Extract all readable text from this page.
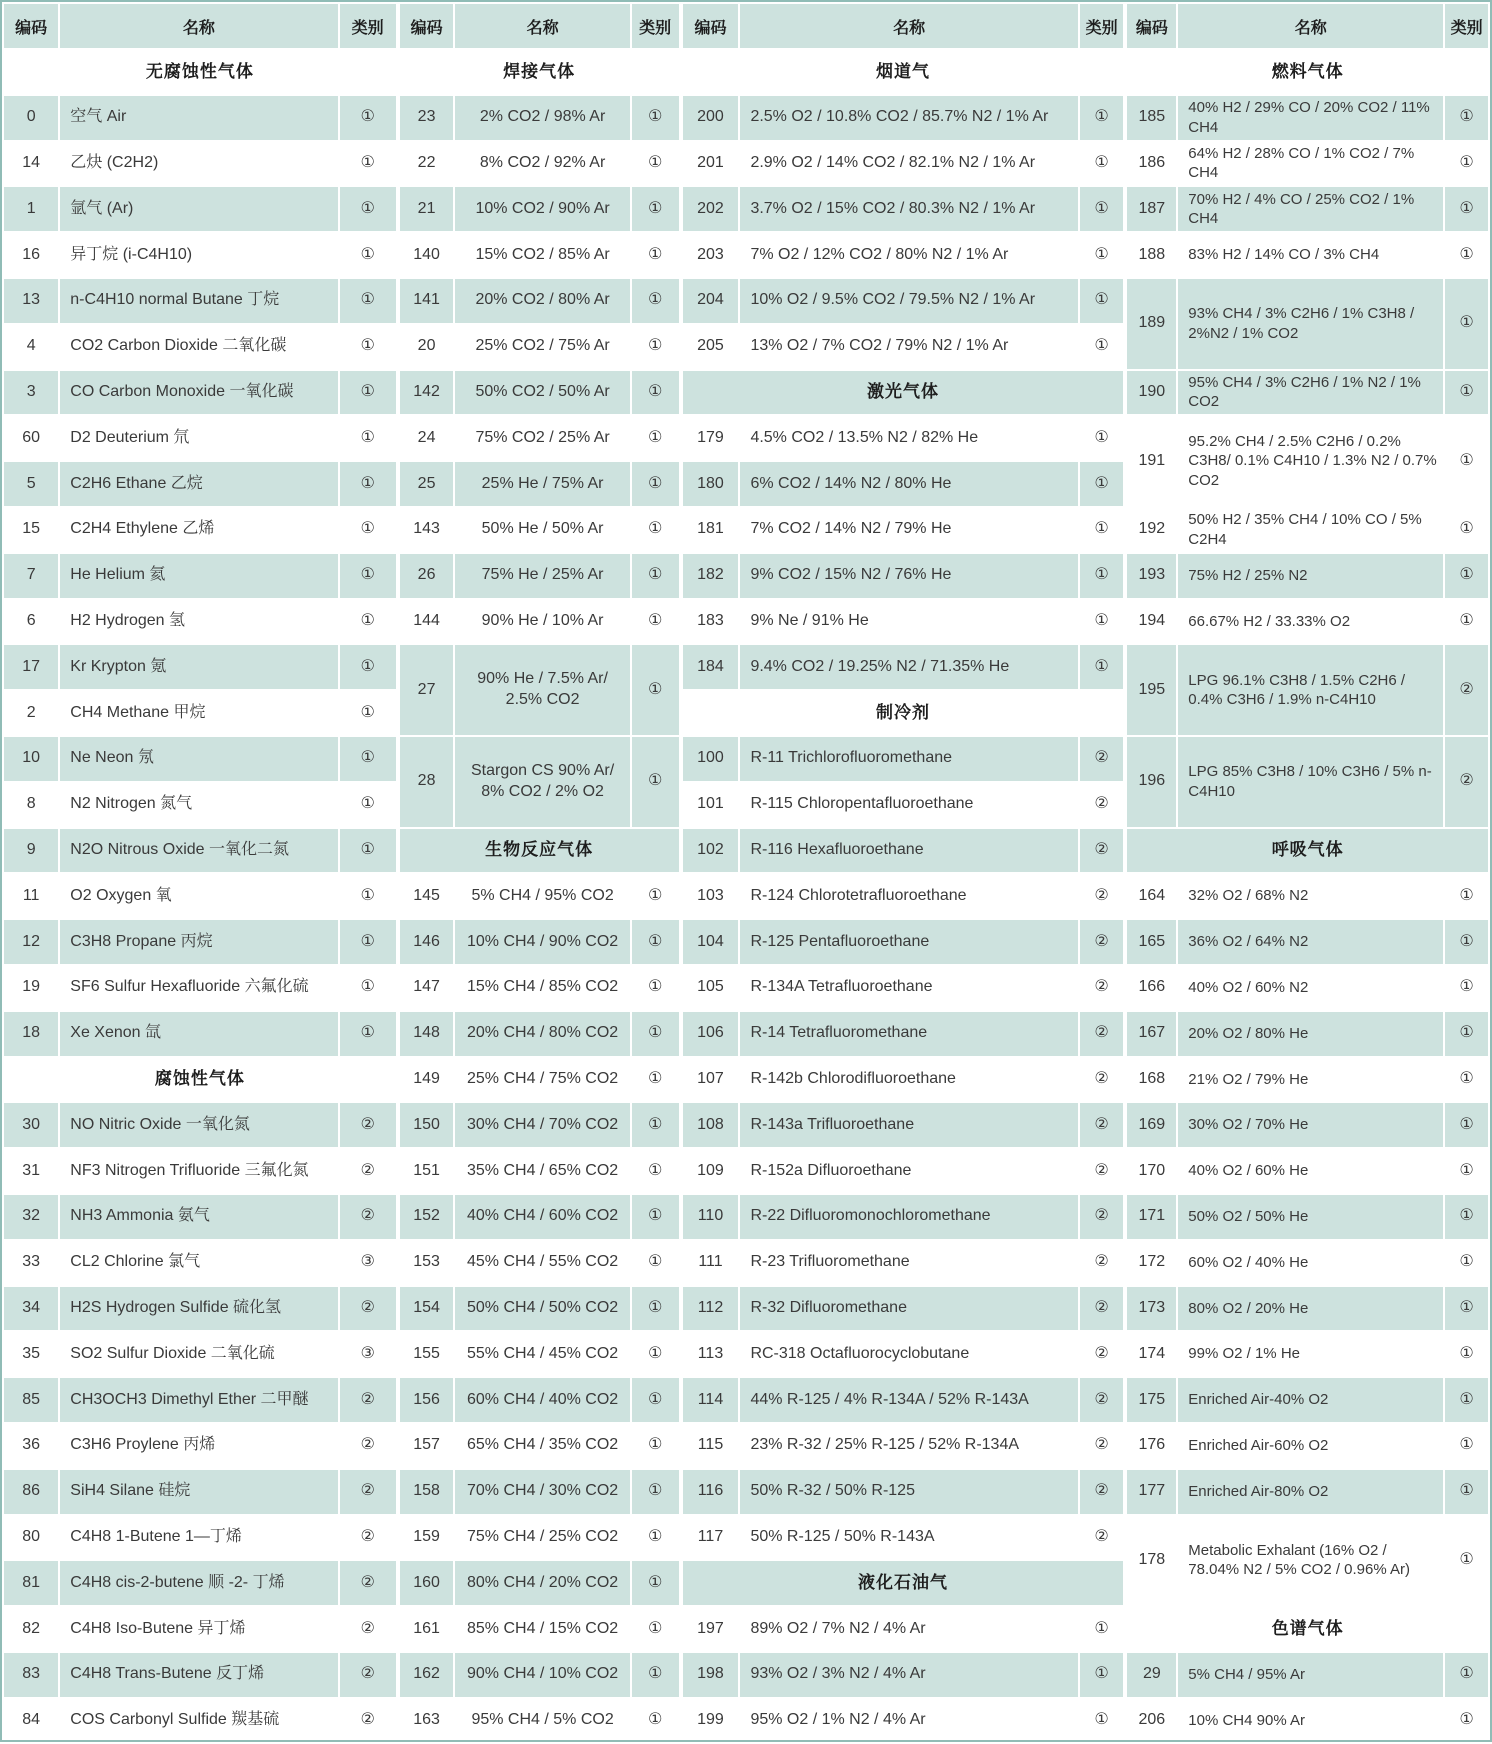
编码	名称	类别
无腐蚀性气体		
0	空气 Air	①
14	乙炔 (C2H2)	①
1	氩气 (Ar)	①
16	异丁烷 (i-C4H10)	①
13	n-C4H10 normal Butane 丁烷	①
4	CO2 Carbon Dioxide 二氧化碳	①
3	CO Carbon Monoxide 一氧化碳	①
60	D2 Deuterium 氘	①
5	C2H6 Ethane 乙烷	①
15	C2H4 Ethylene 乙烯	①
7	He Helium 氦	①
6	H2 Hydrogen 氢	①
17	Kr Krypton 氪	①
2	CH4 Methane 甲烷	①
10	Ne Neon 氖	①
8	N2 Nitrogen 氮气	①
9	N2O Nitrous Oxide 一氧化二氮	①
11	O2 Oxygen 氧	①
12	C3H8 Propane 丙烷	①
19	SF6 Sulfur Hexafluoride 六氟化硫	①
18	Xe Xenon 氙	①
腐蚀性气体		
30	NO Nitric Oxide 一氧化氮	②
31	NF3 Nitrogen Trifluoride 三氟化氮	②
32	NH3 Ammonia 氨气	②
33	CL2 Chlorine 氯气	③
34	H2S Hydrogen Sulfide 硫化氢	②
35	SO2 Sulfur Dioxide 二氧化硫	③
85	CH3OCH3 Dimethyl Ether 二甲醚	②
36	C3H6 Proylene 丙烯	②
86	SiH4 Silane 硅烷	②
80	C4H8 1-Butene 1—丁烯	②
81	C4H8 cis-2-butene 顺 -2- 丁烯	②
82	C4H8 Iso-Butene 异丁烯	②
83	C4H8 Trans-Butene 反丁烯	②
84	COS Carbonyl Sulfide 羰基硫	②
编码	名称	类别
焊接气体		
23	2% CO2 / 98% Ar	①
22	8% CO2 / 92% Ar	①
21	10% CO2 / 90% Ar	①
140	15% CO2 / 85% Ar	①
141	20% CO2 / 80% Ar	①
20	25% CO2 / 75% Ar	①
142	50% CO2 / 50% Ar	①
24	75% CO2 / 25% Ar	①
25	25% He / 75% Ar	①
143	50% He / 50% Ar	①
26	75% He / 25% Ar	①
144	90% He / 10% Ar	①
27	90% He / 7.5% Ar/ 2.5% CO2	①

28	Stargon CS 90% Ar/ 8% CO2 / 2% O2	①

生物反应气体		
145	5% CH4 / 95% CO2	①
146	10% CH4 / 90% CO2	①
147	15% CH4 / 85% CO2	①
148	20% CH4 / 80% CO2	①
149	25% CH4 / 75% CO2	①
150	30% CH4 / 70% CO2	①
151	35% CH4 / 65% CO2	①
152	40% CH4 / 60% CO2	①
153	45% CH4 / 55% CO2	①
154	50% CH4 / 50% CO2	①
155	55% CH4 / 45% CO2	①
156	60% CH4 / 40% CO2	①
157	65% CH4 / 35% CO2	①
158	70% CH4 / 30% CO2	①
159	75% CH4 / 25% CO2	①
160	80% CH4 / 20% CO2	①
161	85% CH4 / 15% CO2	①
162	90% CH4 / 10% CO2	①
163	95% CH4 / 5% CO2	①
编码	名称	类别
烟道气		
200	2.5% O2 / 10.8% CO2 / 85.7% N2 / 1% Ar	①
201	2.9% O2 / 14% CO2 / 82.1% N2 / 1% Ar	①
202	3.7% O2 / 15% CO2 / 80.3% N2 / 1% Ar	①
203	7% O2 / 12% CO2 / 80% N2 / 1% Ar	①
204	10% O2 / 9.5% CO2 / 79.5% N2 / 1% Ar	①
205	13% O2 / 7% CO2 / 79% N2 / 1% Ar	①
激光气体		
179	4.5% CO2 / 13.5% N2 / 82% He	①
180	6% CO2 / 14% N2 / 80% He	①
181	7% CO2 / 14% N2 / 79% He	①
182	9% CO2 / 15% N2 / 76% He	①
183	9% Ne / 91% He	①
184	9.4% CO2 / 19.25% N2 / 71.35% He	①
制冷剂		
100	R-11 Trichlorofluoromethane	②
101	R-115 Chloropentafluoroethane	②
102	R-116 Hexafluoroethane	②
103	R-124 Chlorotetrafluoroethane	②
104	R-125 Pentafluoroethane	②
105	R-134A Tetrafluoroethane	②
106	R-14 Tetrafluoromethane	②
107	R-142b Chlorodifluoroethane	②
108	R-143a Trifluoroethane	②
109	R-152a Difluoroethane	②
110	R-22 Difluoromonochloromethane	②
111	R-23 Trifluoromethane	②
112	R-32 Difluoromethane	②
113	RC-318 Octafluorocyclobutane	②
114	44% R-125 / 4% R-134A / 52% R-143A	②
115	23% R-32 / 25% R-125 / 52% R-134A	②
116	50% R-32 / 50% R-125	②
117	50% R-125 / 50% R-143A	②
液化石油气		
197	89% O2 / 7% N2 / 4% Ar	①
198	93% O2 / 3% N2 / 4% Ar	①
199	95% O2 / 1% N2 / 4% Ar	①
编码	名称	类别
燃料气体		
185	40% H2 / 29% CO / 20% CO2 / 11% CH4	①
186	64% H2 / 28% CO / 1% CO2 / 7% CH4	①
187	70% H2 / 4% CO / 25% CO2 / 1% CH4	①
188	83% H2 / 14% CO / 3% CH4	①
189	93% CH4 / 3% C2H6 / 1% C3H8 / 2%N2 / 1% CO2	①

190	95% CH4 / 3% C2H6 / 1% N2 / 1% CO2	①
191	95.2% CH4 / 2.5% C2H6 / 0.2% C3H8/ 0.1% C4H10 / 1.3% N2 / 0.7% CO2	①

192	50% H2 / 35% CH4 / 10% CO / 5% C2H4	①
193	75% H2 / 25% N2	①
194	66.67% H2 / 33.33% O2	①
195	LPG 96.1% C3H8 / 1.5% C2H6 / 0.4% C3H6 / 1.9% n-C4H10	②

196	LPG 85% C3H8 / 10% C3H6 / 5% n-C4H10	②

呼吸气体		
164	32% O2 / 68% N2	①
165	36% O2 / 64% N2	①
166	40% O2 / 60% N2	①
167	20% O2 / 80% He	①
168	21% O2 / 79% He	①
169	30% O2 / 70% He	①
170	40% O2 / 60% He	①
171	50% O2 / 50% He	①
172	60% O2 / 40% He	①
173	80% O2 / 20% He	①
174	99% O2 / 1% He	①
175	Enriched Air-40% O2	①
176	Enriched Air-60% O2	①
177	Enriched Air-80% O2	①
178	Metabolic Exhalant (16% O2 / 78.04% N2 / 5% CO2 / 0.96% Ar)	①

色谱气体		
29	5% CH4 / 95% Ar	①
206	10% CH4 90% Ar	①
